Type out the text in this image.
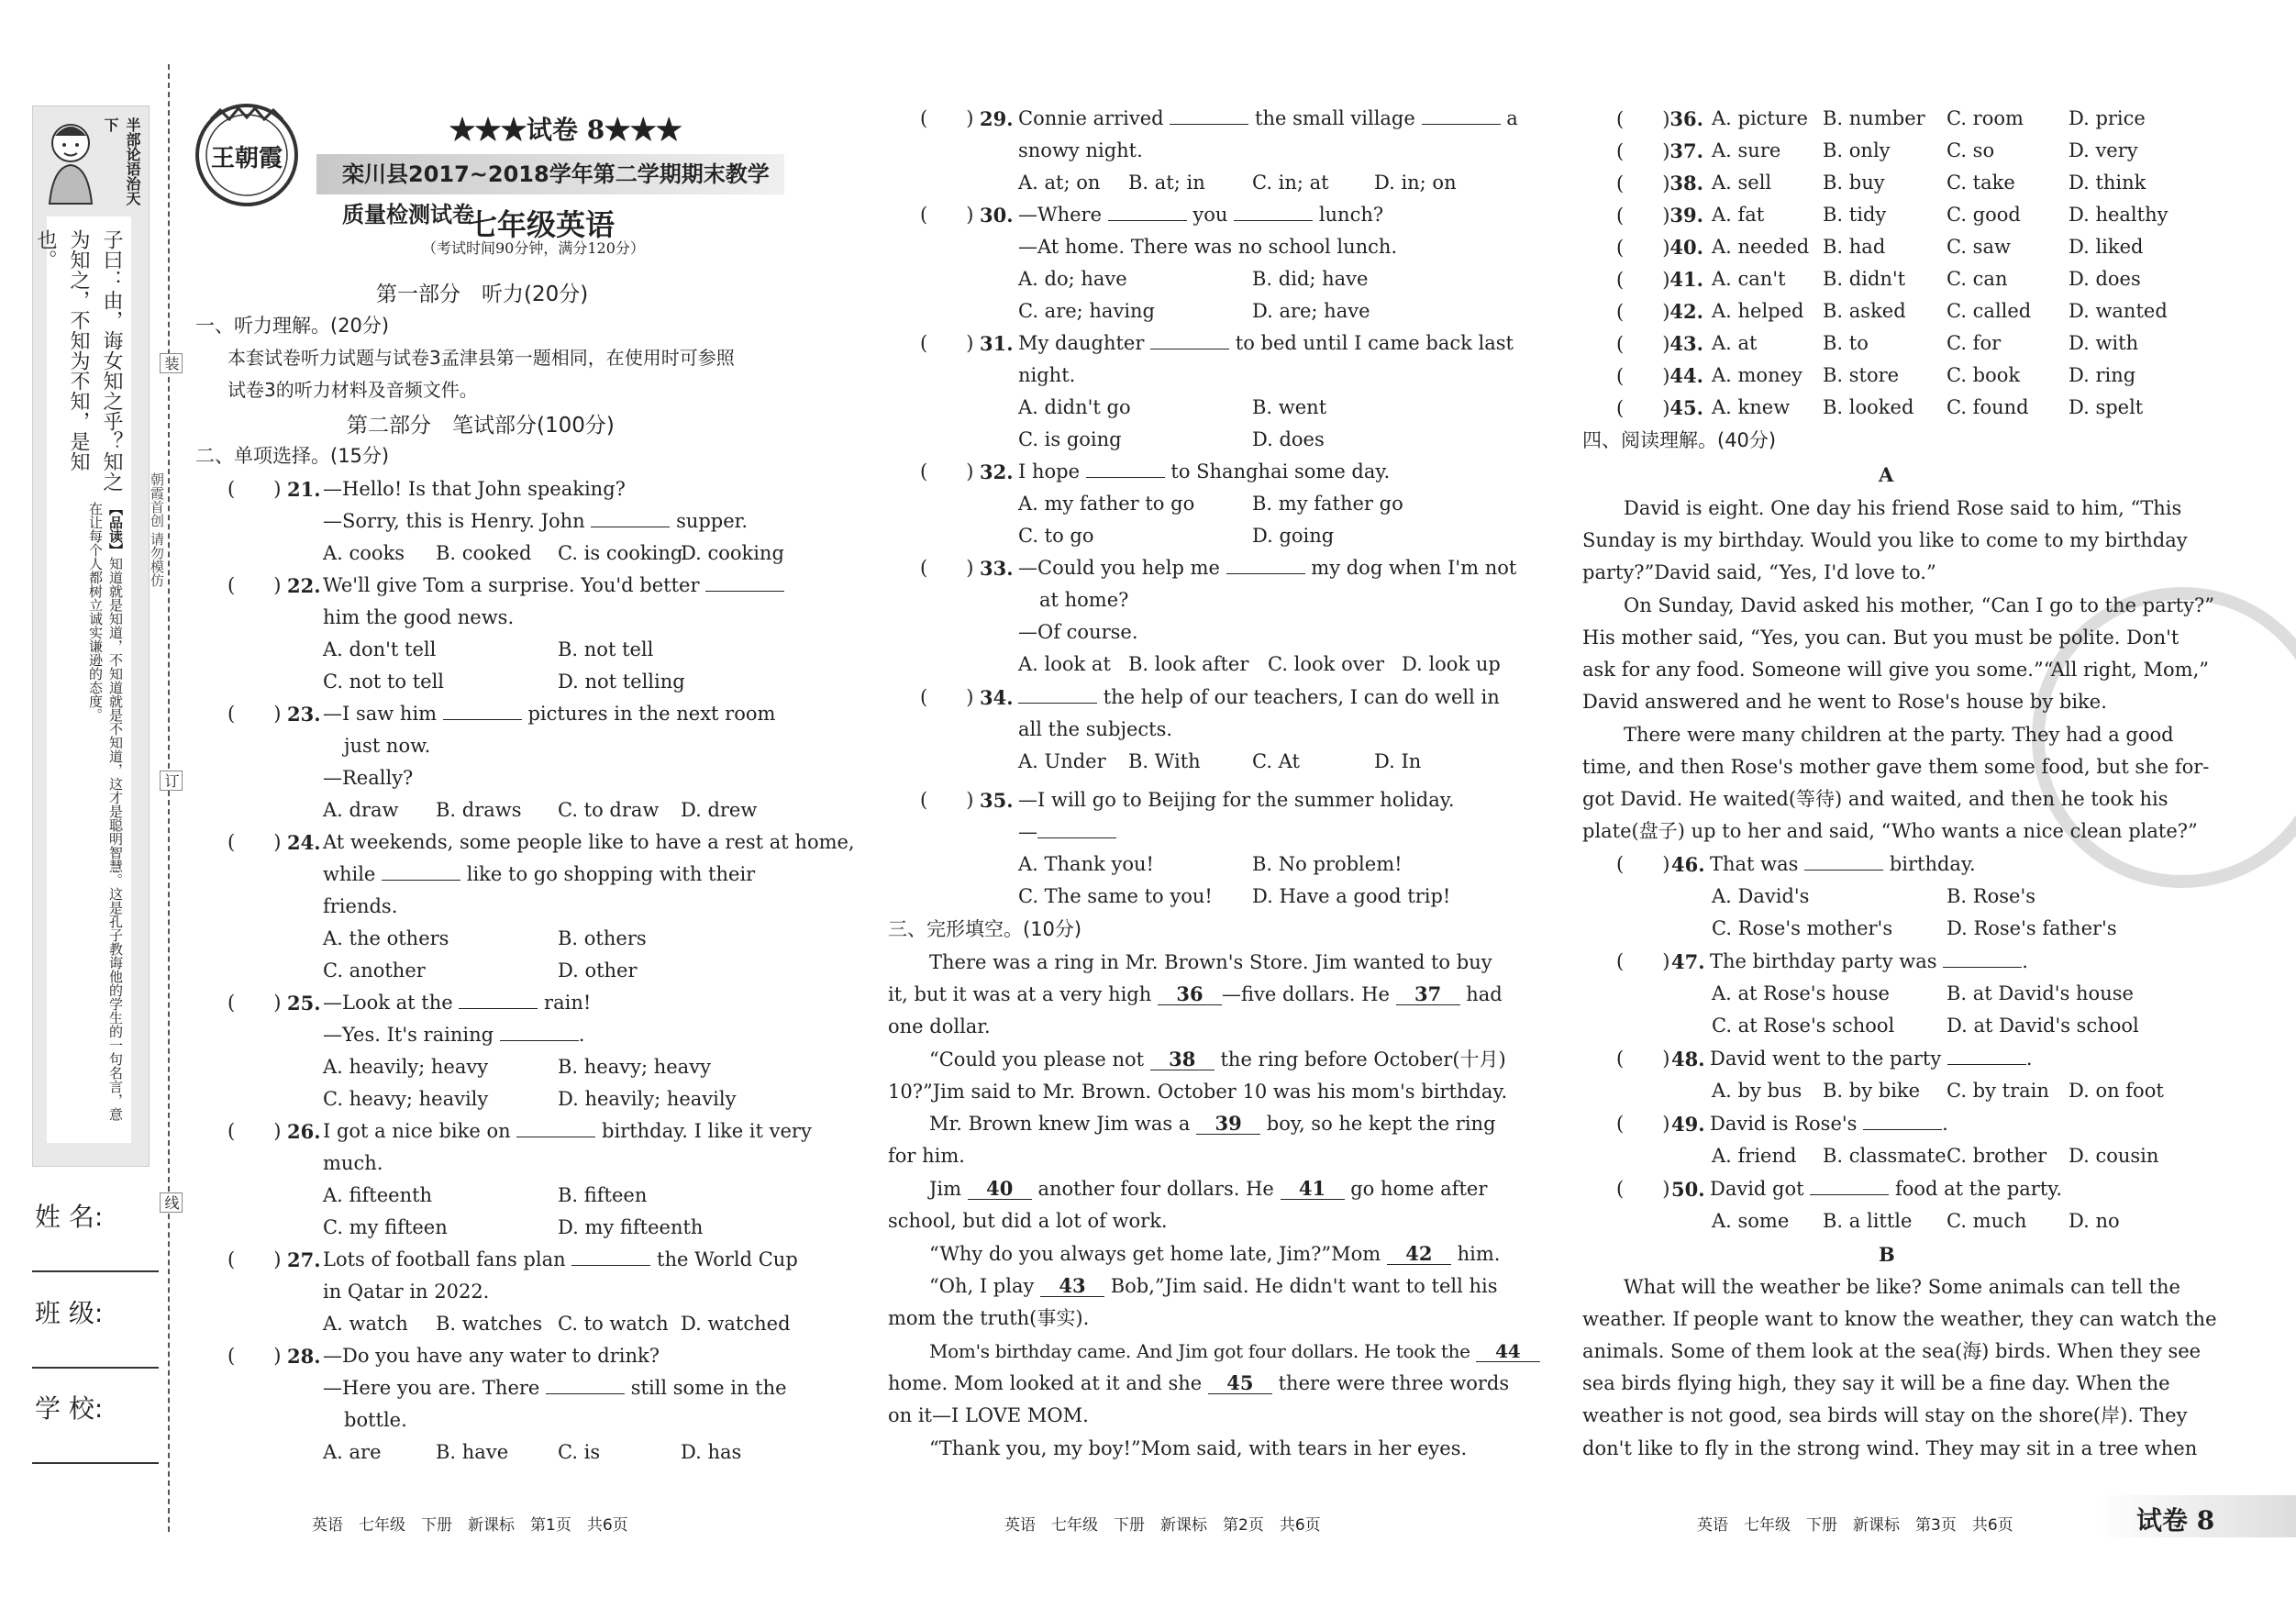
半部论语治天下
子曰：由，诲女知之乎？知之为知之，不知为不知，是知也。
【品读】知道就是知道，不知道就是不知道，这才是聪明智慧。这是孔子教诲他的学生的一句名言，意在让每个人都树立诚实谦逊的态度。	朝霞首创 请勿模仿
装
订
线
姓 名:
班 级:
学 校:
王朝霞
★★★试卷 8★★★
栾川县2017~2018学年第二学期期末教学质量检测试卷
七年级英语
（考试时间90分钟，满分120分）
第一部分　听力(20分)
一、听力理解。(20分)
本套试卷听力试题与试卷3孟津县第一题相同，在使用时可参照
试卷3的听力材料及音频文件。
第二部分　笔试部分(100分)
二、单项选择。(15分)
(　　) 21. —Hello! Is that John speaking?
—Sorry, this is Henry. John	supper.
A. cooks B. cooked C. is cooking
D. cooking
(　　) 22. We'll give Tom a surprise. You'd better
him the good news.
A. don't tell	B. not tell
C. not to tell	D. not telling
(　　) 23. —I saw him	pictures in the next room
just now.
—Really?
A. draw B. draws C. to draw D. drew
(　　) 24. At weekends, some people like to have a rest at home,
while	like to go shopping with their
friends.
A. the others	B. others
C. another	D. other
(　　) 25. —Look at the	rain!
—Yes. It's raining	.
A. heavily; heavy	B. heavy; heavy
C. heavy; heavily	D. heavily; heavily
(　　) 26. I got a nice bike on	birthday. I like it very
much.
A. fifteenth	B. fifteen
C. my fifteen	D. my fifteenth
(　　) 27. Lots of football fans plan	the World Cup
in Qatar in 2022.
A. watch B. watches C. to watch D. watched
(　　) 28. —Do you have any water to drink?
—Here you are. There	still some in the
bottle.
A. are	B. have	C. is	D. has
英语　七年级　下册　新课标　第1页　共6页
(　　) 29. Connie arrived	the small village	a
snowy night.
A. at; on B. at; in C. in; at D. in; on
(　　) 30. —Where	you	lunch?
—At home. There was no school lunch.
A. do; have	B. did; have
C. are; having	D. are; have
(　　) 31. My daughter	to bed until I came back last
night.
A. didn't go	B. went
C. is going	D. does
(　　) 32. I hope	to Shanghai some day.
A. my father to go	B. my father go
C. to go	D. going
(　　) 33. —Could you help me	my dog when I'm not
at home?
—Of course.
A. look at B. look after C. look over D. look up
(　　) 34.	the help of our teachers, I can do well in
all the subjects.
A. Under B. With	C. At	D. In
(　　) 35. —I will go to Beijing for the summer holiday.
—
A. Thank you!	B. No problem!
C. The same to you! D. Have a good trip!
三、完形填空。(10分)
There was a ring in Mr. Brown's Store. Jim wanted to buy
it, but it was at a very high 36 —five dollars. He 37 had
one dollar.
“Could you please not 38 the ring before October(十月)
10?”Jim said to Mr. Brown. October 10 was his mom's birthday.
Mr. Brown knew Jim was a 39 boy, so he kept the ring
for him.
Jim 40 another four dollars. He 41 go home after
school, but did a lot of work.
“Why do you always get home late, Jim?”Mom 42 him.
“Oh, I play 43 Bob,”Jim said. He didn't want to tell his
mom the truth(事实).
Mom's birthday came. And Jim got four dollars. He took the 44
home. Mom looked at it and she 45 there were three words
on it—I LOVE MOM.
“Thank you, my boy!”Mom said, with tears in her eyes.
英语　七年级　下册　新课标　第2页　共6页
(　　)36. A. picture B. number C. room D. price
(　　)37. A. sure B. only	C. so	D. very
(　　)38. A. sell	B. buy	C. take	D. think
(　　)39. A. fat	B. tidy	C. good D. healthy
(　　)40. A. needed B. had	C. saw	D. liked
(　　)41. A. can't B. didn't C. can	D. does
(　　)42. A. helped B. asked C. called D. wanted
(　　)43. A. at	B. to	C. for	D. with
(　　)44. A. money B. store C. book	D. ring
(　　)45. A. knew B. looked C. found D. spelt
四、阅读理解。(40分)
A
David is eight. One day his friend Rose said to him, “This
Sunday is my birthday. Would you like to come to my birthday
party?”David said, “Yes, I'd love to.”
On Sunday, David asked his mother, “Can I go to the party?”
His mother said, “Yes, you can. But you must be polite. Don't
ask for any food. Someone will give you some.”“All right, Mom,”
David answered and he went to Rose's house by bike.
There were many children at the party. They had a good
time, and then Rose's mother gave them some food, but she for-
got David. He waited(等待) and waited, and then he took his
plate(盘子) up to her and said, “Who wants a nice clean plate?”
(　　) 46. That was	birthday.
A. David's	B. Rose's
C. Rose's mother's	D. Rose's father's
(　　) 47. The birthday party was	.
A. at Rose's house	B. at David's house
C. at Rose's school	D. at David's school
(　　) 48. David went to the party	.
A. by bus B. by bike C. by train D. on foot
(　　) 49. David is Rose's	.
A. friend B. classmate C. brother D. cousin
(　　) 50. David got	food at the party.
A. some B. a little C. much D. no
B
What will the weather be like? Some animals can tell the
weather. If people want to know the weather, they can watch the
animals. Some of them look at the sea(海) birds. When they see
sea birds flying high, they say it will be a fine day. When the
weather is not good, sea birds will stay on the shore(岸). They
don't like to fly in the strong wind. They may sit in a tree when
英语　七年级　下册　新课标　第3页　共6页	试卷 8
